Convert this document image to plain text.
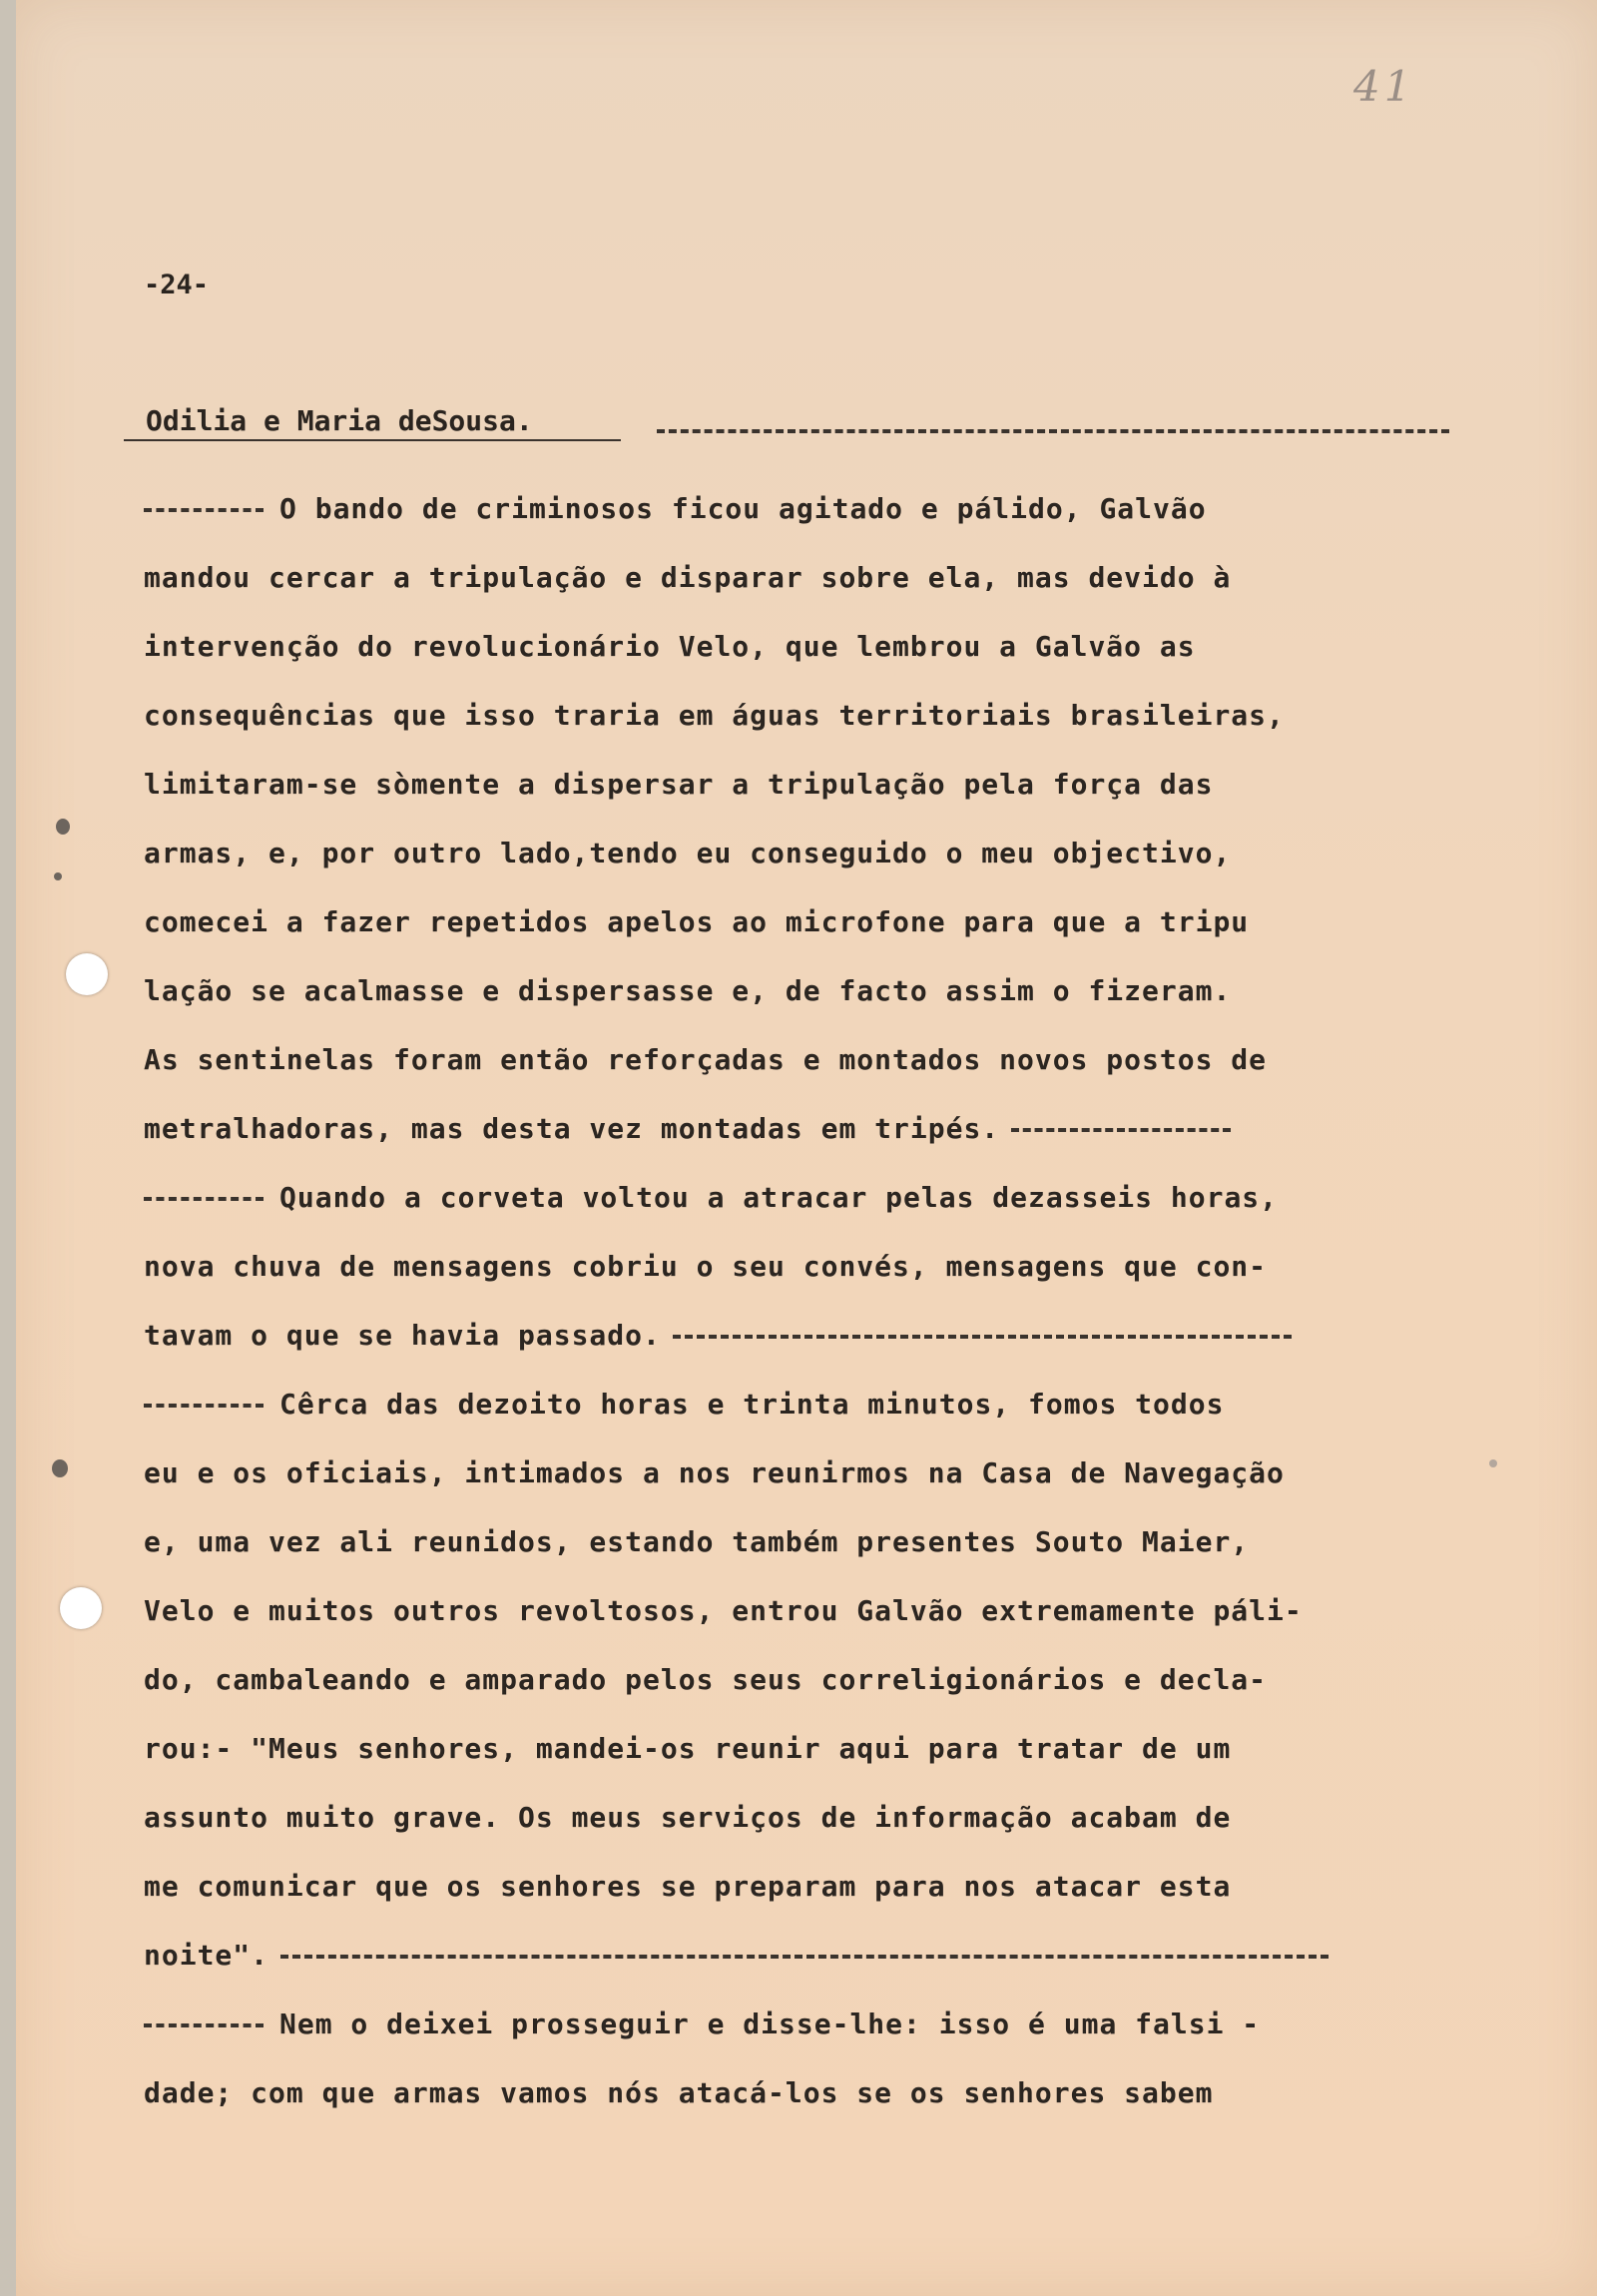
41
-24-
Odilia e Maria deSousa.
O bando de criminosos ficou agitado e pálido, Galvão
mandou cercar a tripulação e disparar sobre ela, mas devido à
intervenção do revolucionário Velo, que lembrou a Galvão as
consequências que isso traria em águas territoriais brasileiras,
limitaram-se sòmente a dispersar a tripulação pela força das
armas, e, por outro lado,tendo eu conseguido o meu objectivo,
comecei a fazer repetidos apelos ao microfone para que a tripu
lação se acalmasse e dispersasse e, de facto assim o fizeram.
As sentinelas foram então reforçadas e montados novos postos de
metralhadoras, mas desta vez montadas em tripés.
Quando a corveta voltou a atracar pelas dezasseis horas,
nova chuva de mensagens cobriu o seu convés, mensagens que con-
tavam o que se havia passado.
Cêrca das dezoito horas e trinta minutos, fomos todos
eu e os oficiais, intimados a nos reunirmos na Casa de Navegação
e, uma vez ali reunidos, estando também presentes Souto Maier,
Velo e muitos outros revoltosos, entrou Galvão extremamente páli-
do, cambaleando e amparado pelos seus correligionários e decla-
rou:- "Meus senhores, mandei-os reunir aqui para tratar de um
assunto muito grave. Os meus serviços de informação acabam de
me comunicar que os senhores se preparam para nos atacar esta
noite".
Nem o deixei prosseguir e disse-lhe: isso é uma falsi -
dade; com que armas vamos nós atacá-los se os senhores sabem
